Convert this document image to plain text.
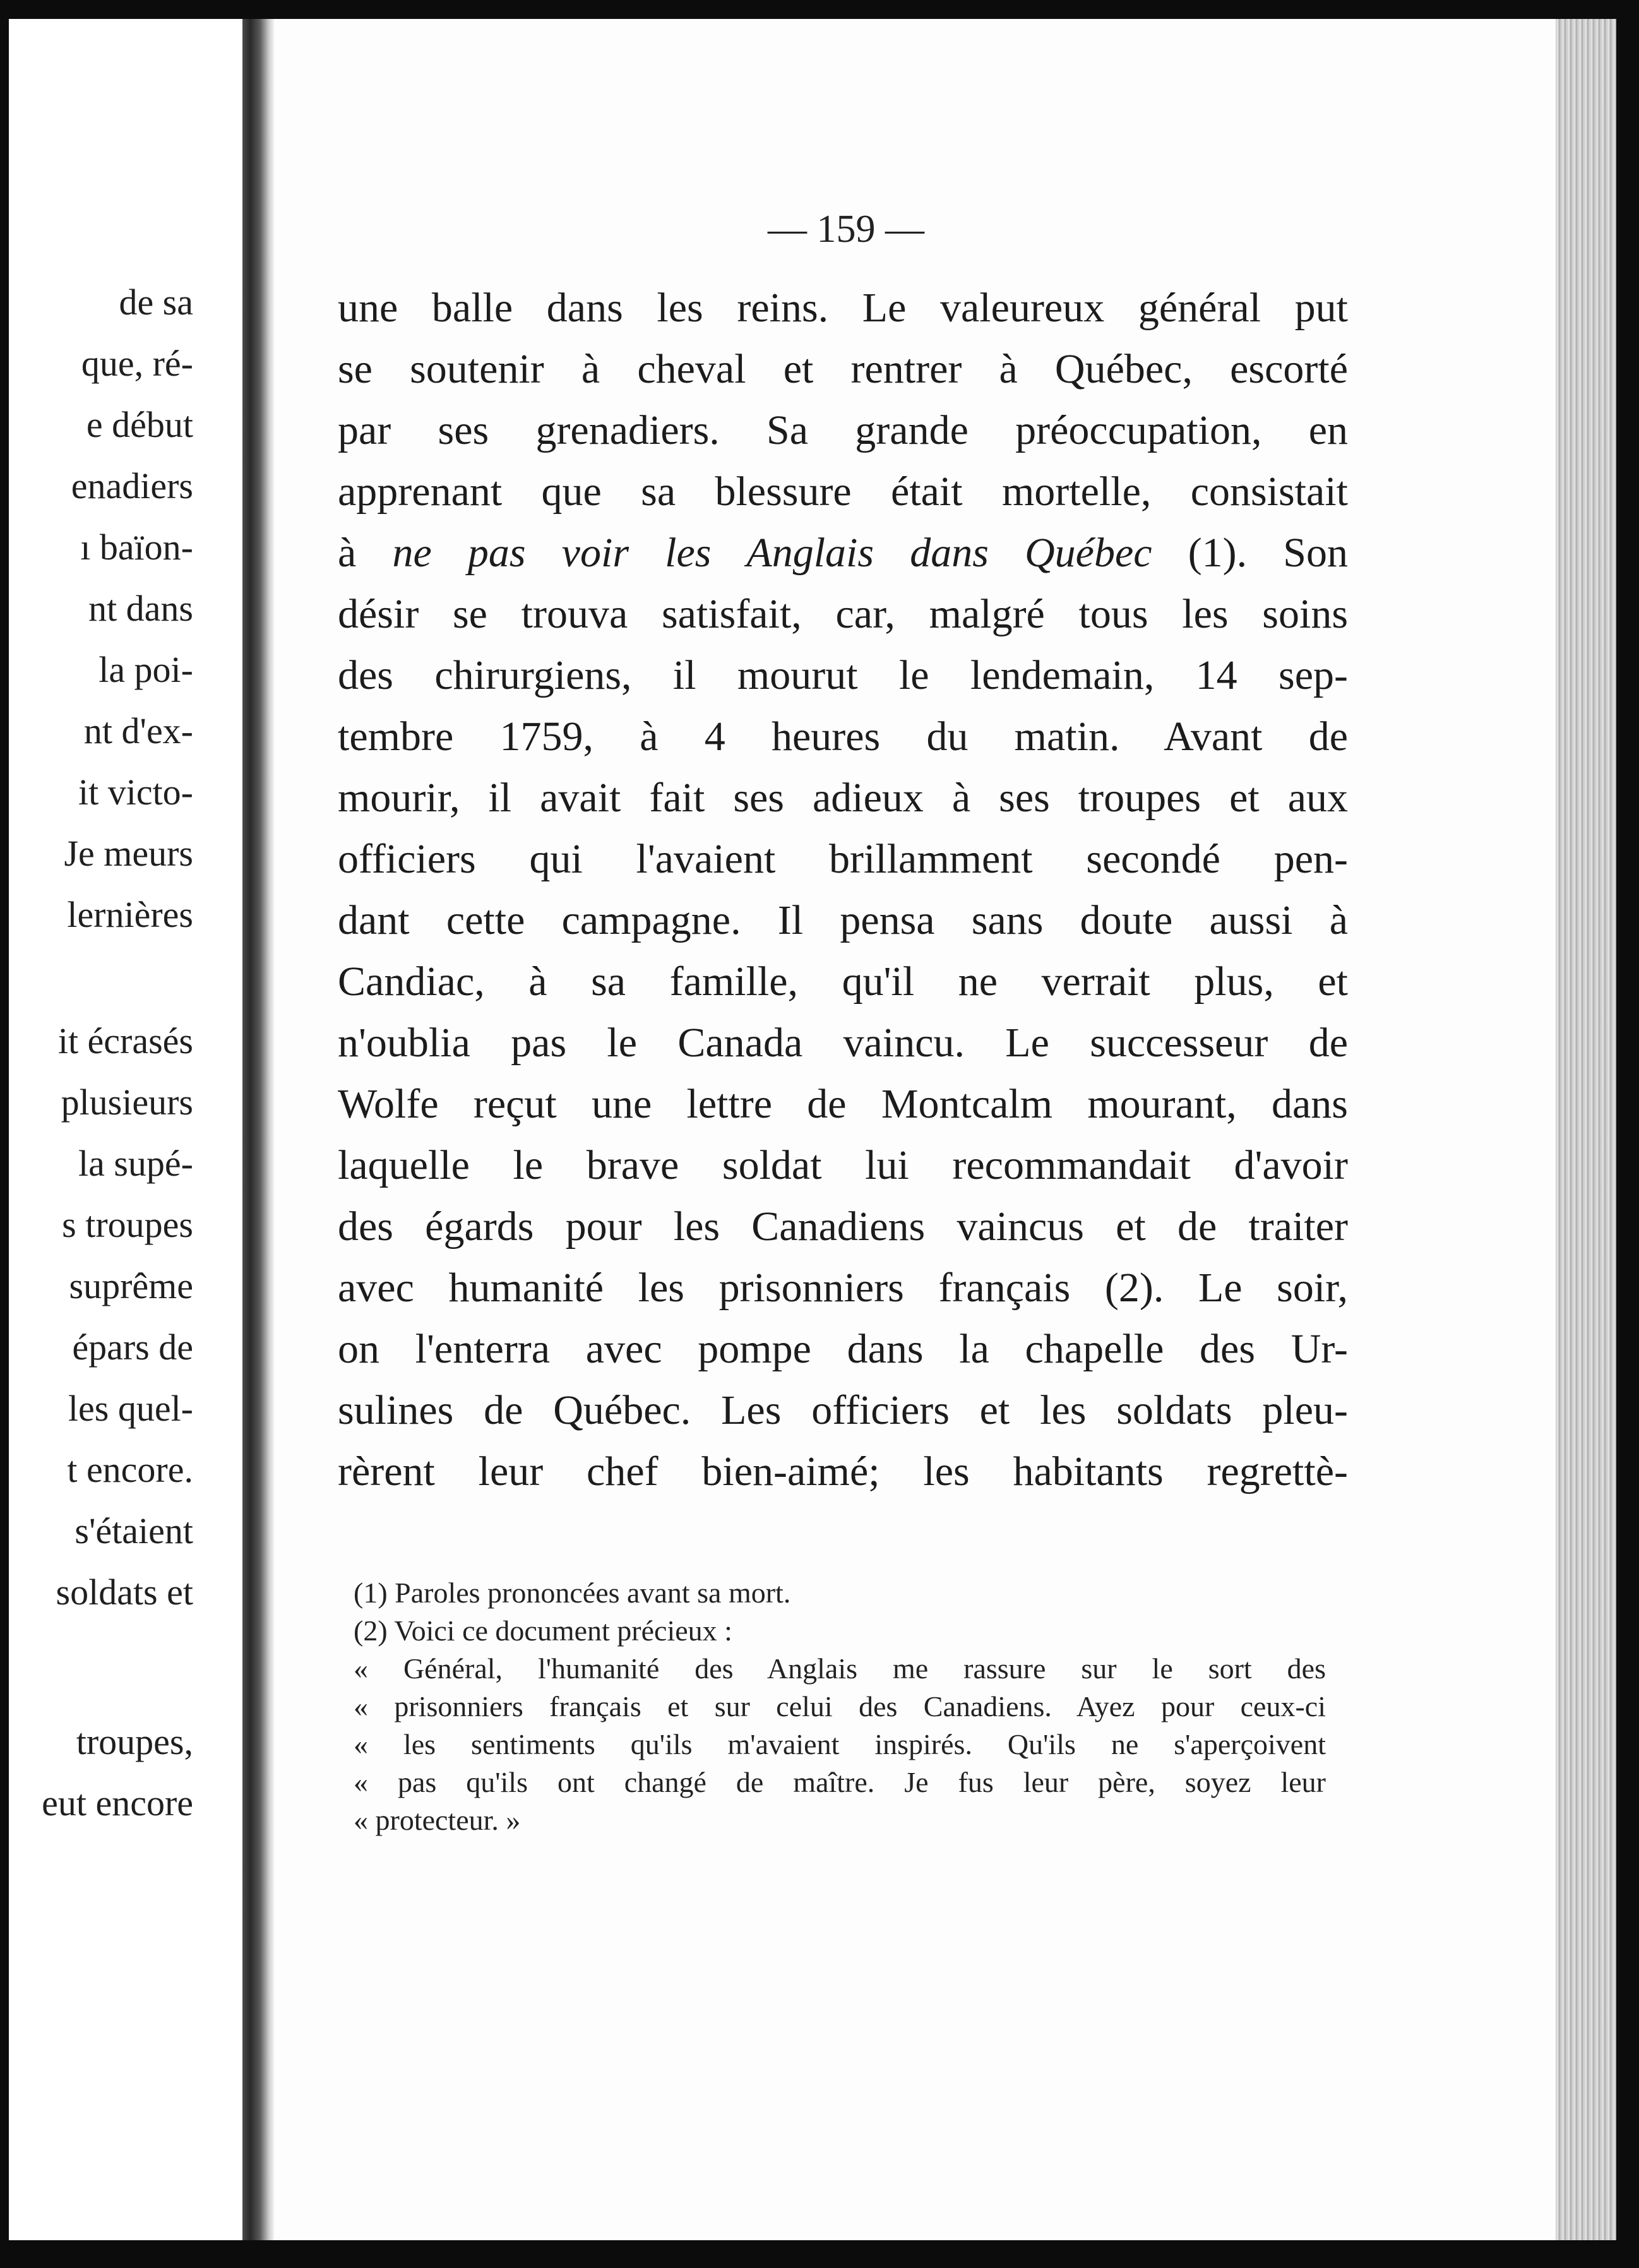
de sa
que, ré-
e début
enadiers
ı baïon-
nt dans
la poi-
nt d'ex-
it victo-
Je meurs
lernières
it écrasés
plusieurs
la supé-
s troupes
suprême
épars de
les quel-
t encore.
s'étaient
soldats et
troupes,
eut encore
— 159 —
une balle dans les reins. Le valeureux général put
se soutenir à cheval et rentrer à Québec, escorté
par ses grenadiers. Sa grande préoccupation, en
apprenant que sa blessure était mortelle, consistait
à ne pas voir les Anglais dans Québec (1). Son
désir se trouva satisfait, car, malgré tous les soins
des chirurgiens, il mourut le lendemain, 14 sep-
tembre 1759, à 4 heures du matin. Avant de
mourir, il avait fait ses adieux à ses troupes et aux
officiers qui l'avaient brillamment secondé pen-
dant cette campagne. Il pensa sans doute aussi à
Candiac, à sa famille, qu'il ne verrait plus, et
n'oublia pas le Canada vaincu. Le successeur de
Wolfe reçut une lettre de Montcalm mourant, dans
laquelle le brave soldat lui recommandait d'avoir
des égards pour les Canadiens vaincus et de traiter
avec humanité les prisonniers français (2). Le soir,
on l'enterra avec pompe dans la chapelle des Ur-
sulines de Québec. Les officiers et les soldats pleu-
rèrent leur chef bien-aimé; les habitants regrettè-
(1) Paroles prononcées avant sa mort.
(2) Voici ce document précieux :
« Général, l'humanité des Anglais me rassure sur le sort des
« prisonniers français et sur celui des Canadiens. Ayez pour ceux-ci
« les sentiments qu'ils m'avaient inspirés. Qu'ils ne s'aperçoivent
« pas qu'ils ont changé de maître. Je fus leur père, soyez leur
« protecteur. »
